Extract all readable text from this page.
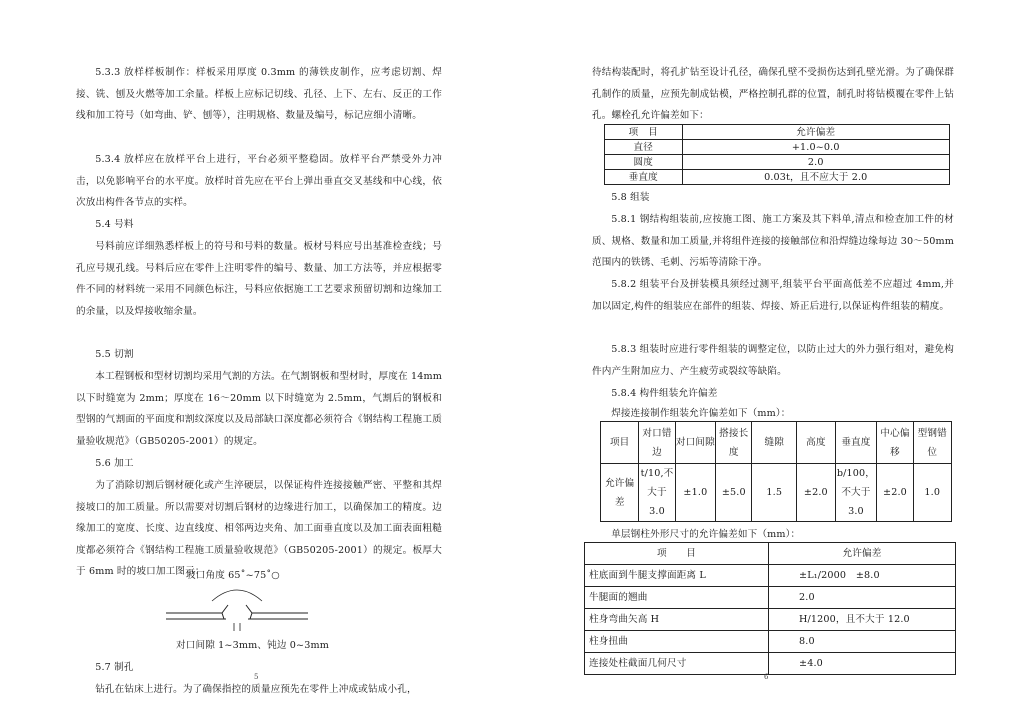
5.3.3 放样样板制作：样板采用厚度 0.3mm 的薄铁皮制作，应考虑切割、焊接、铣、刨及火燃等加工余量。样板上应标记切线、孔径、上下、左右、反正的工作线和加工符号（如弯曲、铲、刨等），注明规格、数量及编号，标记应细小清晰。
5.3.4 放样应在放样平台上进行，平台必须平整稳固。放样平台严禁受外力冲击，以免影响平台的水平度。放样时首先应在平台上弹出垂直交叉基线和中心线，依次放出构件各节点的实样。
5.4 号料
号料前应详细熟悉样板上的符号和号料的数量。板材号料应号出基准检查线；号孔应号规孔线。号料后应在零件上注明零件的编号、数量、加工方法等，并应根据零件不同的材料统一采用不同颜色标注，号料应依据施工工艺要求预留切割和边缘加工的余量，以及焊接收缩余量。
5.5 切割
本工程钢板和型材切割均采用气割的方法。在气割钢板和型材时，厚度在 14mm 以下时缝宽为 2mm；厚度在 16～20mm 以下时缝宽为 2.5mm，气割后的钢板和型钢的气割面的平面度和割纹深度以及局部缺口深度都必须符合《钢结构工程施工质量验收规范》（GB50205-2001）的规定。
5.6 加工
为了消除切割后钢材硬化或产生淬硬层，以保证构件连接接触严密、平整和其焊接坡口的加工质量。所以需要对切割后钢材的边缘进行加工，以确保加工的精度。边缘加工的宽度、长度、边直线度、相邻两边夹角、加工面垂直度以及加工面表面粗糙度都必须符合《钢结构工程施工质量验收规范》（GB50205-2001）的规定。板厚大于 6mm 时的坡口加工图示：
坡口角度 65˚~75˚○
对口间隙 1~3mm、钝边 0~3mm
5.7 制孔
钻孔在钻床上进行。为了确保指控的质量应预先在零件上冲成或钻成小孔，
5
待结构装配时，将孔扩钻至设计孔径，确保孔壁不受损伤达到孔壁光滑。为了确保群孔制作的质量，应预先制成钻模，严格控制孔群的位置，制孔时将钻模覆在零件上钻孔。螺栓孔允许偏差如下：
项　目	允许偏差
直径	+1.0~0.0
圆度	2.0
垂直度	0.03t，且不应大于 2.0
5.8 组装
5.8.1 钢结构组装前,应按施工图、施工方案及其下料单,清点和检查加工件的材质、规格、数量和加工质量,并将组件连接的接触部位和沿焊缝边缘每边 30～50mm 范围内的铁锈、毛刺、污垢等清除干净。
5.8.2 组装平台及拼装模具须经过测平,组装平台平面高低差不应超过 4mm,并加以固定,构件的组装应在部件的组装、焊接、矫正后进行,以保证构件组装的精度。
5.8.3 组装时应进行零件组装的调整定位，以防止过大的外力强行组对，避免构件内产生附加应力、产生疲劳或裂纹等缺陷。
5.8.4 构件组装允许偏差
焊接连接制作组装允许偏差如下（mm）：
项目	对口错边	对口间隙	搭接长度	缝隙	高度	垂直度	中心偏移	型钢错位
允许偏差	t/10,不大于 3.0	±1.0	±5.0	1.5	±2.0	b/100，不大于 3.0	±2.0	1.0
单层钢柱外形尺寸的允许偏差如下（mm）：
项　　目	允许偏差
柱底面到牛腿支撑面距离 L	±L₁/2000　±8.0
牛腿面的翘曲	2.0
柱身弯曲矢高 H	H/1200，且不大于 12.0
柱身扭曲	8.0
连接处柱截面几何尺寸	±4.0
6
